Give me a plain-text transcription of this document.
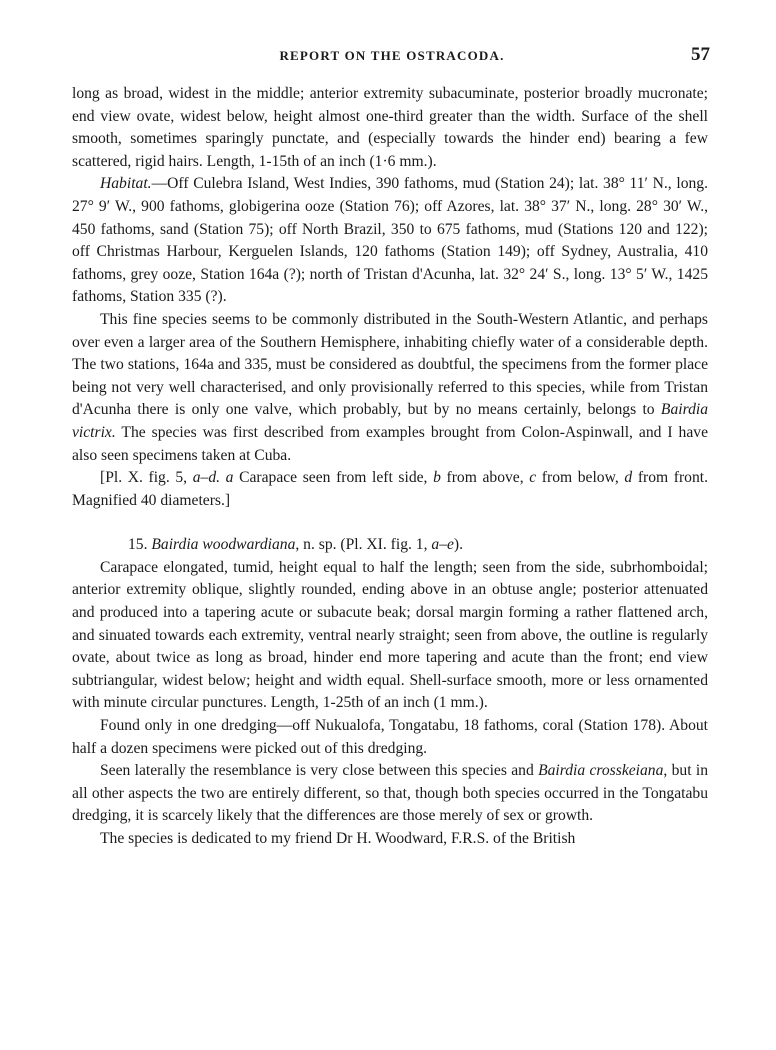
REPORT ON THE OSTRACODA.	57

long as broad, widest in the middle; anterior extremity subacuminate, posterior broadly mucronate; end view ovate, widest below, height almost one-third greater than the width. Surface of the shell smooth, sometimes sparingly punctate, and (especially towards the hinder end) bearing a few scattered, rigid hairs. Length, 1-15th of an inch (1·6 mm.).

Habitat.—Off Culebra Island, West Indies, 390 fathoms, mud (Station 24); lat. 38° 11′ N., long. 27° 9′ W., 900 fathoms, globigerina ooze (Station 76); off Azores, lat. 38° 37′ N., long. 28° 30′ W., 450 fathoms, sand (Station 75); off North Brazil, 350 to 675 fathoms, mud (Stations 120 and 122); off Christmas Harbour, Kerguelen Islands, 120 fathoms (Station 149); off Sydney, Australia, 410 fathoms, grey ooze, Station 164a (?); north of Tristan d'Acunha, lat. 32° 24′ S., long. 13° 5′ W., 1425 fathoms, Station 335 (?).

This fine species seems to be commonly distributed in the South-Western Atlantic, and perhaps over even a larger area of the Southern Hemisphere, inhabiting chiefly water of a considerable depth. The two stations, 164a and 335, must be considered as doubtful, the specimens from the former place being not very well characterised, and only provisionally referred to this species, while from Tristan d'Acunha there is only one valve, which probably, but by no means certainly, belongs to Bairdia victrix. The species was first described from examples brought from Colon-Aspinwall, and I have also seen specimens taken at Cuba.

[Pl. X. fig. 5, a–d. a Carapace seen from left side, b from above, c from below, d from front. Magnified 40 diameters.]

15. Bairdia woodwardiana, n. sp. (Pl. XI. fig. 1, a–e).

Carapace elongated, tumid, height equal to half the length; seen from the side, subrhomboidal; anterior extremity oblique, slightly rounded, ending above in an obtuse angle; posterior attenuated and produced into a tapering acute or subacute beak; dorsal margin forming a rather flattened arch, and sinuated towards each extremity, ventral nearly straight; seen from above, the outline is regularly ovate, about twice as long as broad, hinder end more tapering and acute than the front; end view subtriangular, widest below; height and width equal. Shell-surface smooth, more or less ornamented with minute circular punctures. Length, 1-25th of an inch (1 mm.).

Found only in one dredging—off Nukualofa, Tongatabu, 18 fathoms, coral (Station 178). About half a dozen specimens were picked out of this dredging.

Seen laterally the resemblance is very close between this species and Bairdia crosskeiana, but in all other aspects the two are entirely different, so that, though both species occurred in the Tongatabu dredging, it is scarcely likely that the differences are those merely of sex or growth.

The species is dedicated to my friend Dr H. Woodward, F.R.S. of the British
